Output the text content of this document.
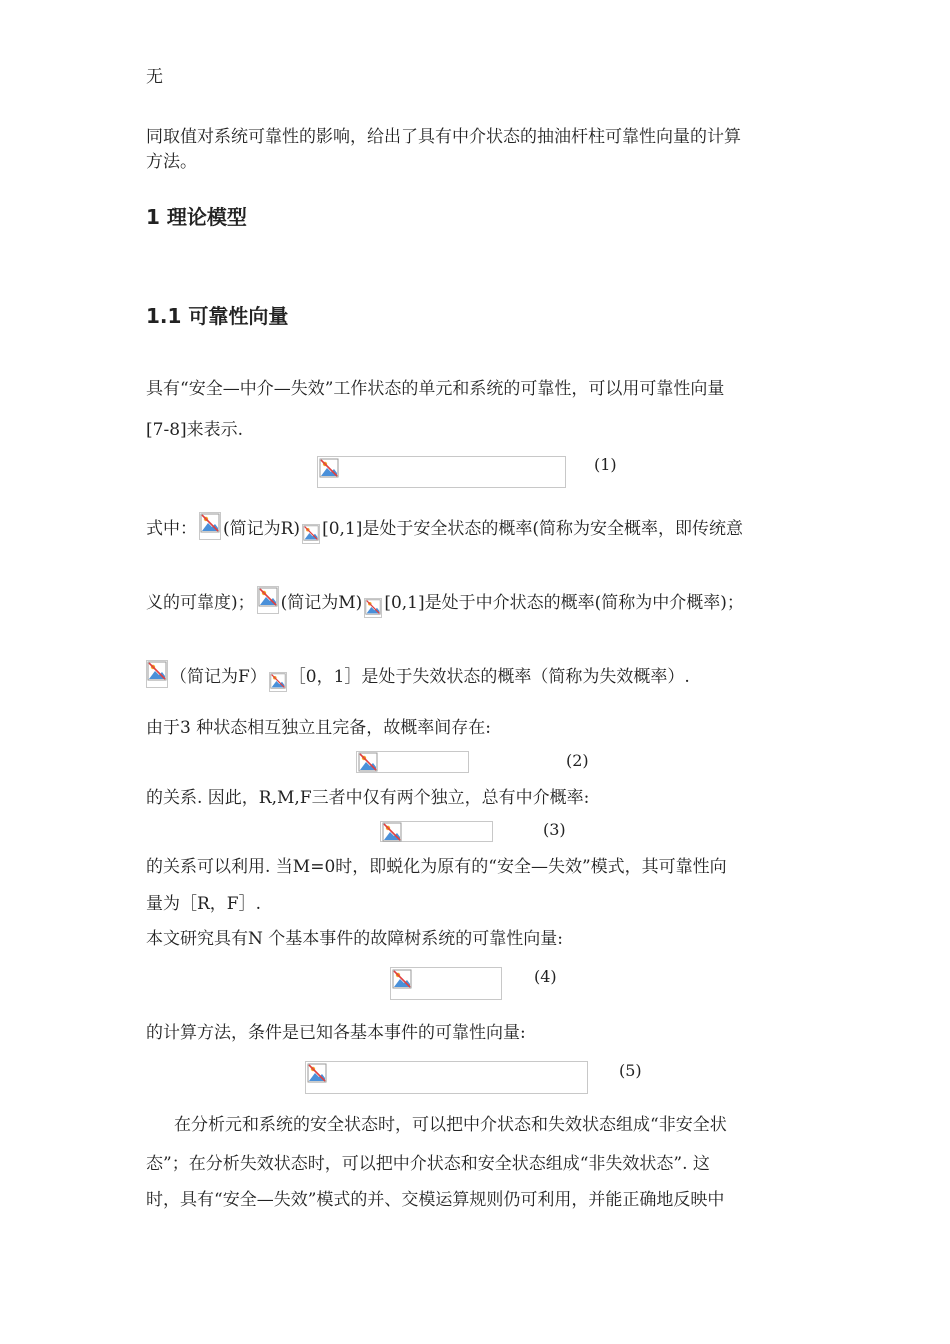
无
同取值对系统可靠性的影响，给出了具有中介状态的抽油杆柱可靠性向量的计算
方法。
1 理论模型
1.1 可靠性向量
具有“安全—中介—失效”工作状态的单元和系统的可靠性，可以用可靠性向量
[7-8]来表示.
(1)
式中： (简记为R) [0,1]是处于安全状态的概率(简称为安全概率，即传统意
义的可靠度)； (简记为M) [0,1]是处于中介状态的概率(简称为中介概率)；
（简记为F） ［0，1］是处于失效状态的概率（简称为失效概率）.
由于3 种状态相互独立且完备，故概率间存在:
(2)
的关系. 因此，R,M,F三者中仅有两个独立，总有中介概率:
(3)
的关系可以利用. 当M=0时，即蜕化为原有的“安全—失效”模式，其可靠性向
量为［R，F］.
本文研究具有N 个基本事件的故障树系统的可靠性向量:
(4)
的计算方法，条件是已知各基本事件的可靠性向量:
(5)
在分析元和系统的安全状态时，可以把中介状态和失效状态组成“非安全状
态”；在分析失效状态时，可以把中介状态和安全状态组成“非失效状态”. 这
时，具有“安全—失效”模式的并、交模运算规则仍可利用，并能正确地反映中
